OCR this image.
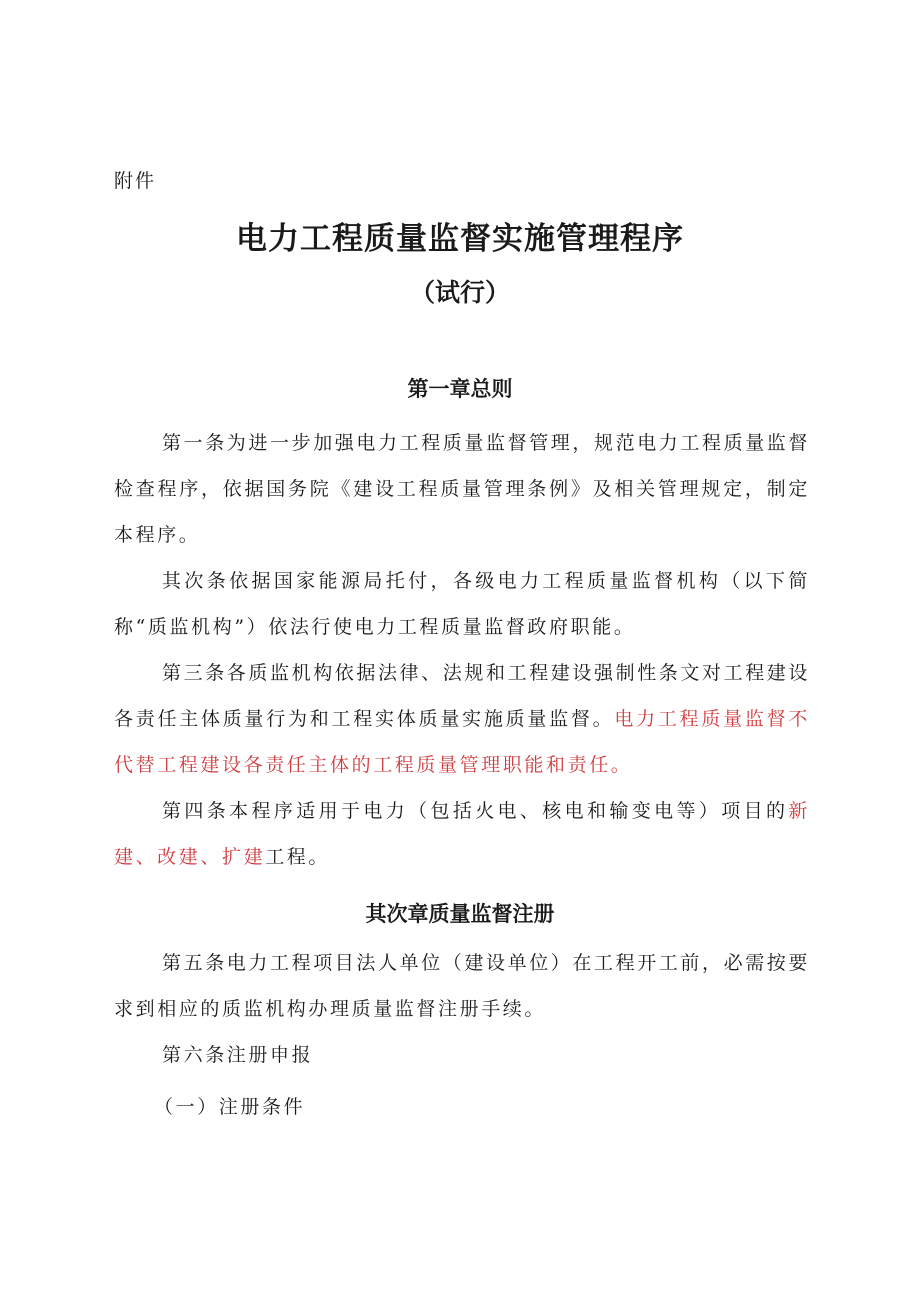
附件
电力工程质量监督实施管理程序
（试行）
第一章总则

第一条为进一步加强电力工程质量监督管理，规范电力工程质量监督检查程序，依据国务院《建设工程质量管理条例》及相关管理规定，制定本程序。

其次条依据国家能源局托付，各级电力工程质量监督机构（以下简称“质监机构”）依法行使电力工程质量监督政府职能。

第三条各质监机构依据法律、法规和工程建设强制性条文对工程建设各责任主体质量行为和工程实体质量实施质量监督。电力工程质量监督不代替工程建设各责任主体的工程质量管理职能和责任。

第四条本程序适用于电力（包括火电、核电和输变电等）项目的新建、改建、扩建工程。

其次章质量监督注册

第五条电力工程项目法人单位（建设单位）在工程开工前，必需按要求到相应的质监机构办理质量监督注册手续。

第六条注册申报

（一）注册条件
